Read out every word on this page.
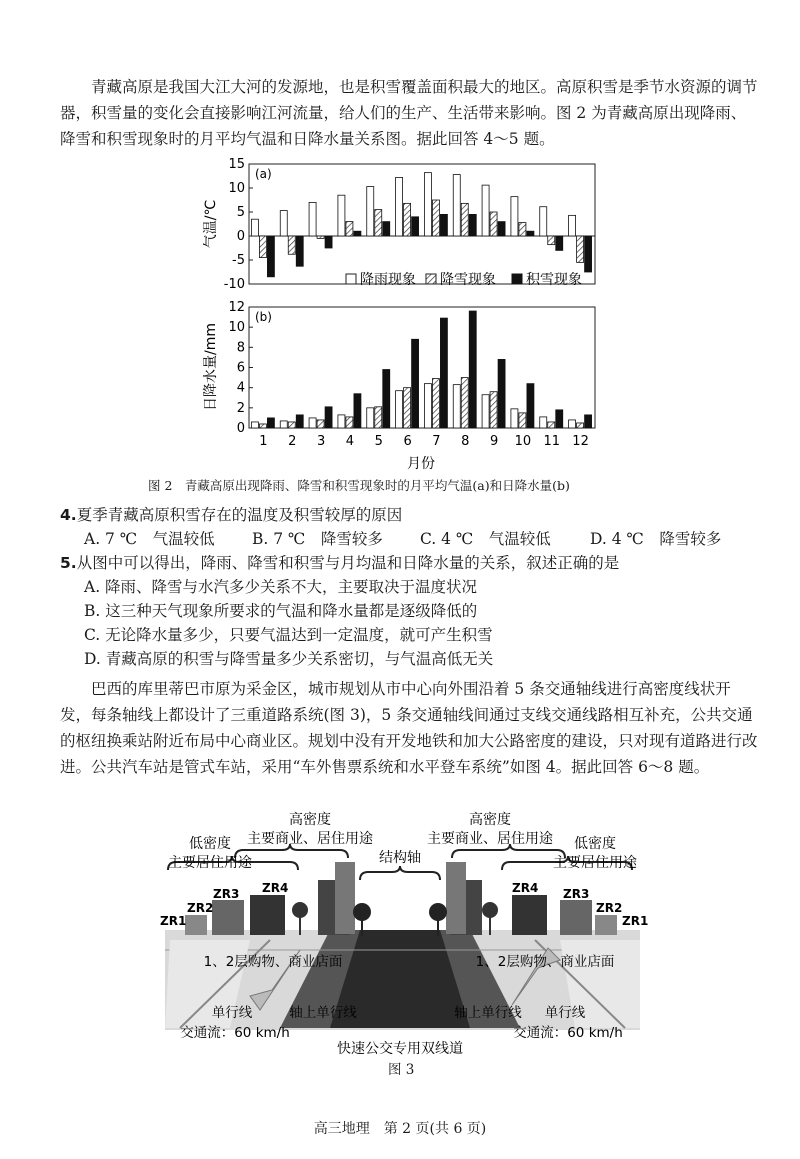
青藏高原是我国大江大河的发源地，也是积雪覆盖面积最大的地区。高原积雪是季节水资源的调节器，积雪量的变化会直接影响江河流量，给人们的生产、生活带来影响。图 2 为青藏高原出现降雨、降雪和积雪现象时的月平均气温和日降水量关系图。据此回答 4～5 题。

15
10
5
0
-5
-10
(a)
气温/℃
12
10
8
6
4
2
0
(b)
日降水量/mm
1 2 3 4 5 6 7 8 9 10 11 12
降雨现象 降雪现象 积雪现象
月份
图 2　青藏高原出现降雨、降雪和积雪现象时的月平均气温(a)和日降水量(b)
4.夏季青藏高原积雪存在的温度及积雪较厚的原因
A. 7 ℃　气温较低 B. 7 ℃　降雪较多 C. 4 ℃　气温较低	D. 4 ℃　降雪较多
5.从图中可以得出，降雨、降雪和积雪与月均温和日降水量的关系，叙述正确的是
A. 降雨、降雪与水汽多少关系不大，主要取决于温度状况
B. 这三种天气现象所要求的气温和降水量都是逐级降低的
C. 无论降水量多少，只要气温达到一定温度，就可产生积雪
D. 青藏高原的积雪与降雪量多少关系密切，与气温高低无关

巴西的库里蒂巴市原为采金区，城市规划从市中心向外围沿着 5 条交通轴线进行高密度线状开发，每条轴线上都设计了三重道路系统(图 3)，5 条交通轴线间通过支线交通线路相互补充，公共交通的枢纽换乘站附近布局中心商业区。规划中没有开发地铁和加大公路密度的建设，只对现有道路进行改进。公共汽车站是管式车站，采用“车外售票系统和水平登车系统”如图 4。据此回答 6～8 题。

高密度
主要商业、居住用途
低密度
主要居住用途
高密度
主要商业、居住用途 低密度
主要居住用途
结构轴
ZR4
ZR3
ZR2
ZR1
ZR4 ZR3
ZR2
ZR1
1、2层购物、商业店面	1、2层购物、商业店面
单行线	轴上单行线	轴上单行线 单行线
交通流：60 km/h	交通流：60 km/h
快速公交专用双线道
图 3
高三地理　第 2 页(共 6 页)
